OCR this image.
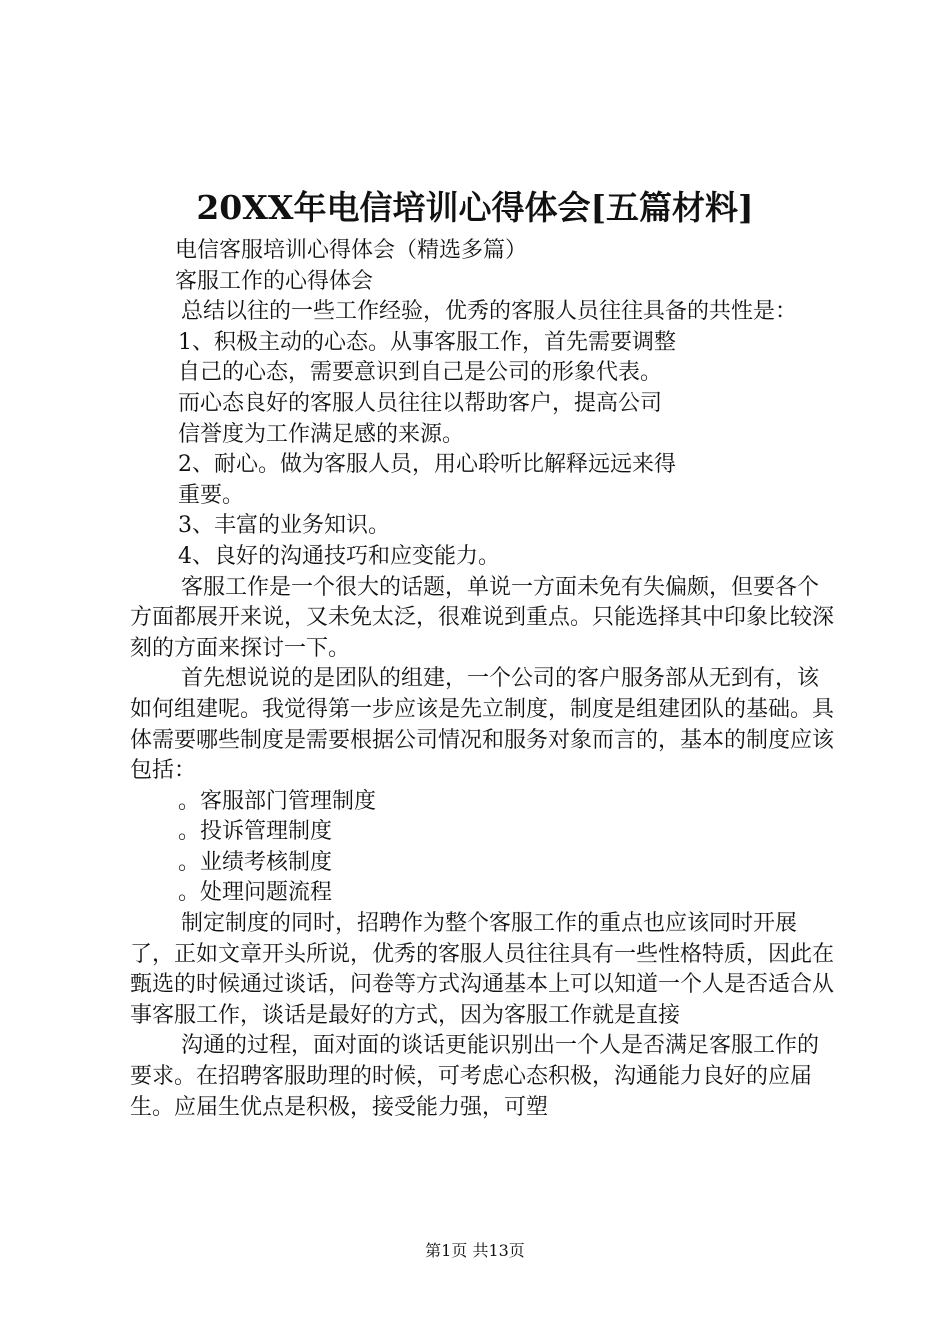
20XX年电信培训心得体会[五篇材料]

电信客服培训心得体会（精选多篇）

客服工作的心得体会

总结以往的一些工作经验，优秀的客服人员往往具备的共性是：

1、积极主动的心态。从事客服工作，首先需要调整

自己的心态，需要意识到自己是公司的形象代表。

而心态良好的客服人员往往以帮助客户，提高公司

信誉度为工作满足感的来源。

2、耐心。做为客服人员，用心聆听比解释远远来得

重要。

3、丰富的业务知识。

4、良好的沟通技巧和应变能力。

客服工作是一个很大的话题，单说一方面未免有失偏颇，但要各个方面都展开来说，又未免太泛，很难说到重点。只能选择其中印象比较深刻的方面来探讨一下。

首先想说说的是团队的组建，一个公司的客户服务部从无到有，该如何组建呢。我觉得第一步应该是先立制度，制度是组建团队的基础。具体需要哪些制度是需要根据公司情况和服务对象而言的，基本的制度应该包括：

。客服部门管理制度

。投诉管理制度

。业绩考核制度

。处理问题流程

制定制度的同时，招聘作为整个客服工作的重点也应该同时开展了，正如文章开头所说，优秀的客服人员往往具有一些性格特质，因此在甄选的时候通过谈话，问卷等方式沟通基本上可以知道一个人是否适合从事客服工作，谈话是最好的方式，因为客服工作就是直接

沟通的过程，面对面的谈话更能识别出一个人是否满足客服工作的要求。在招聘客服助理的时候，可考虑心态积极，沟通能力良好的应届生。应届生优点是积极，接受能力强，可塑

第1页 共13页
